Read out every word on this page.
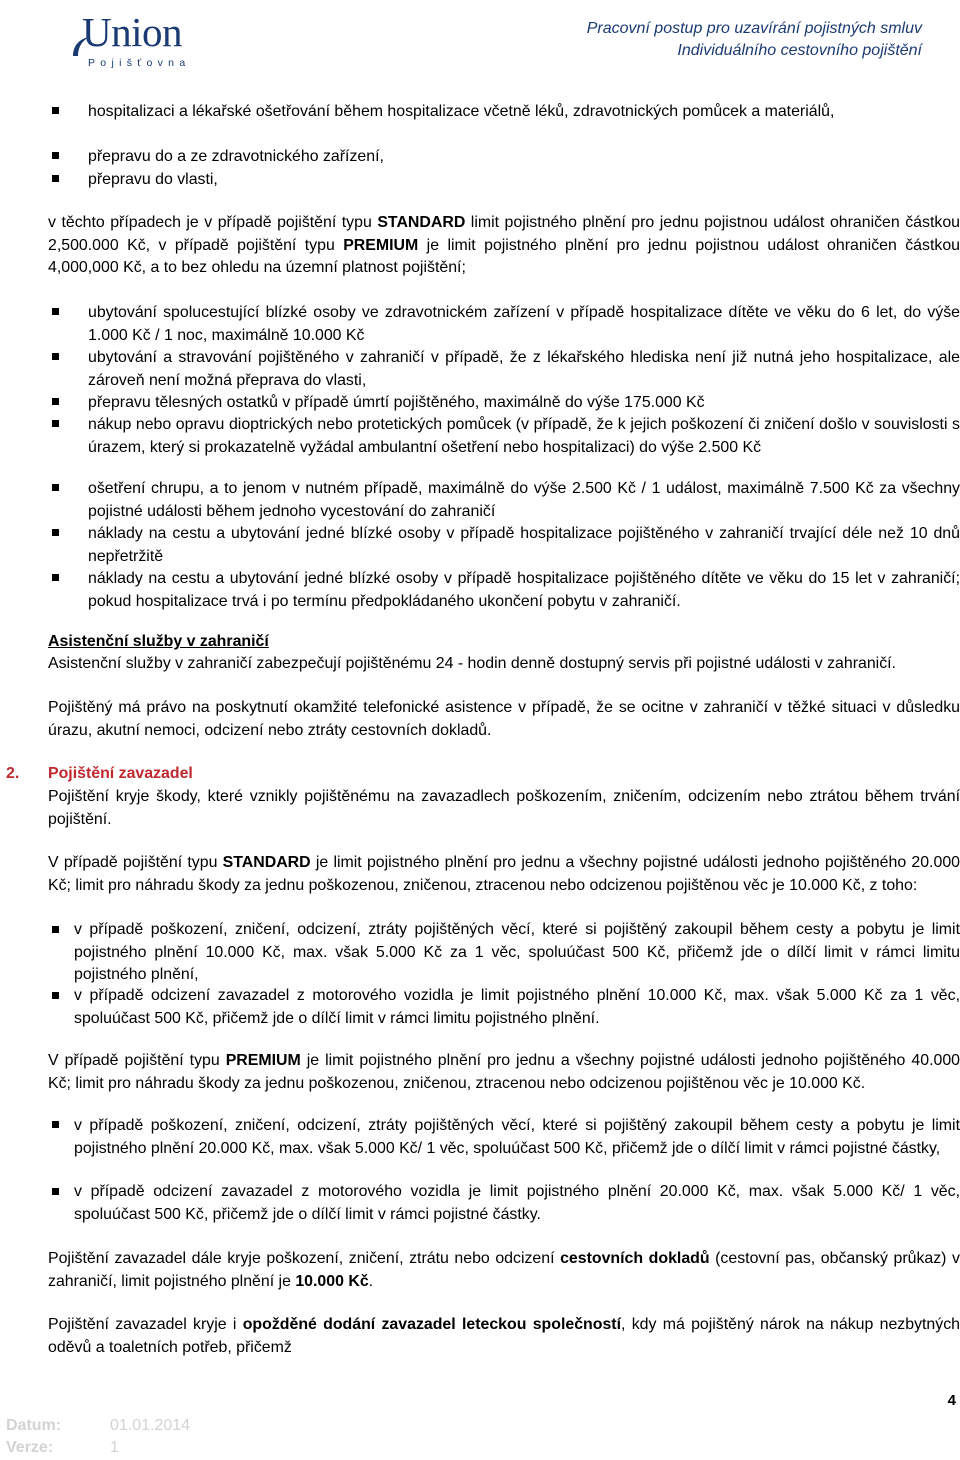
Union
Pojišťovna
Pracovní postup pro uzavírání pojistných smluv
Individuálního cestovního pojištění

hospitalizaci a lékařské ošetřování během hospitalizace včetně léků, zdravotnických pomůcek a materiálů,

přepravu do a ze zdravotnického zařízení,

přepravu do vlasti,

v těchto případech je v případě pojištění typu STANDARD limit pojistného plnění pro jednu pojistnou událost ohraničen částkou 2,500.000 Kč, v případě pojištění typu PREMIUM je limit pojistného plnění pro jednu pojistnou událost ohraničen částkou 4,000,000 Kč, a to bez ohledu na územní platnost pojištění;

ubytování spolucestující blízké osoby ve zdravotnickém zařízení v případě hospitalizace dítěte ve věku do 6 let, do výše 1.000 Kč / 1 noc, maximálně 10.000 Kč

ubytování a stravování pojištěného v zahraničí v případě, že z lékařského hlediska není již nutná jeho hospitalizace, ale zároveň není možná přeprava do vlasti,

přepravu tělesných ostatků v případě úmrtí pojištěného, maximálně do výše 175.000 Kč

nákup nebo opravu dioptrických nebo protetických pomůcek (v případě, že k jejich poškození či zničení došlo v souvislosti s úrazem, který si prokazatelně vyžádal ambulantní ošetření nebo hospitalizaci) do výše 2.500 Kč

ošetření chrupu, a to jenom v nutném případě, maximálně do výše 2.500 Kč / 1 událost, maximálně 7.500 Kč za všechny pojistné události během jednoho vycestování do zahraničí

náklady na cestu a ubytování jedné blízké osoby v případě hospitalizace pojištěného v zahraničí trvající déle než 10 dnů nepřetržitě

náklady na cestu a ubytování jedné blízké osoby v případě hospitalizace pojištěného dítěte ve věku do 15 let v zahraničí; pokud hospitalizace trvá i po termínu předpokládaného ukončení pobytu v zahraničí.

Asistenční služby v zahraničí

Asistenční služby v zahraničí zabezpečují pojištěnému 24 - hodin denně dostupný servis při pojistné události v zahraničí.

Pojištěný má právo na poskytnutí okamžité telefonické asistence v případě, že se ocitne v zahraničí v těžké situaci v důsledku úrazu, akutní nemoci, odcizení nebo ztráty cestovních dokladů.

2. Pojištění zavazadel

Pojištění kryje škody, které vznikly pojištěnému na zavazadlech poškozením, zničením, odcizením nebo ztrátou během trvání pojištění.

V případě pojištění typu STANDARD je limit pojistného plnění pro jednu a všechny pojistné události jednoho pojištěného 20.000 Kč; limit pro náhradu škody za jednu poškozenou, zničenou, ztracenou nebo odcizenou pojištěnou věc je 10.000 Kč, z toho:

v případě poškození, zničení, odcizení, ztráty pojištěných věcí, které si pojištěný zakoupil během cesty a pobytu je limit pojistného plnění 10.000 Kč, max. však 5.000 Kč za 1 věc, spoluúčast 500 Kč, přičemž jde o dílčí limit v rámci limitu pojistného plnění,

v případě odcizení zavazadel z motorového vozidla je limit pojistného plnění 10.000 Kč, max. však 5.000 Kč za 1 věc, spoluúčast 500 Kč, přičemž jde o dílčí limit v rámci limitu pojistného plnění.

V případě pojištění typu PREMIUM je limit pojistného plnění pro jednu a všechny pojistné události jednoho pojištěného 40.000 Kč; limit pro náhradu škody za jednu poškozenou, zničenou, ztracenou nebo odcizenou pojištěnou věc je 10.000 Kč.

v případě poškození, zničení, odcizení, ztráty pojištěných věcí, které si pojištěný zakoupil během cesty a pobytu je limit pojistného plnění 20.000 Kč, max. však 5.000 Kč/ 1 věc, spoluúčast 500 Kč, přičemž jde o dílčí limit v rámci pojistné částky,

v případě odcizení zavazadel z motorového vozidla je limit pojistného plnění 20.000 Kč, max. však 5.000 Kč/ 1 věc, spoluúčast 500 Kč, přičemž jde o dílčí limit v rámci pojistné částky.

Pojištění zavazadel dále kryje poškození, zničení, ztrátu nebo odcizení cestovních dokladů (cestovní pas, občanský průkaz) v zahraničí, limit pojistného plnění je 10.000 Kč.

Pojištění zavazadel kryje i opožděné dodání zavazadel leteckou společností, kdy má pojištěný nárok na nákup nezbytných oděvů a toaletních potřeb, přičemž

4
Datum:	01.01.2014
Verze:	1
